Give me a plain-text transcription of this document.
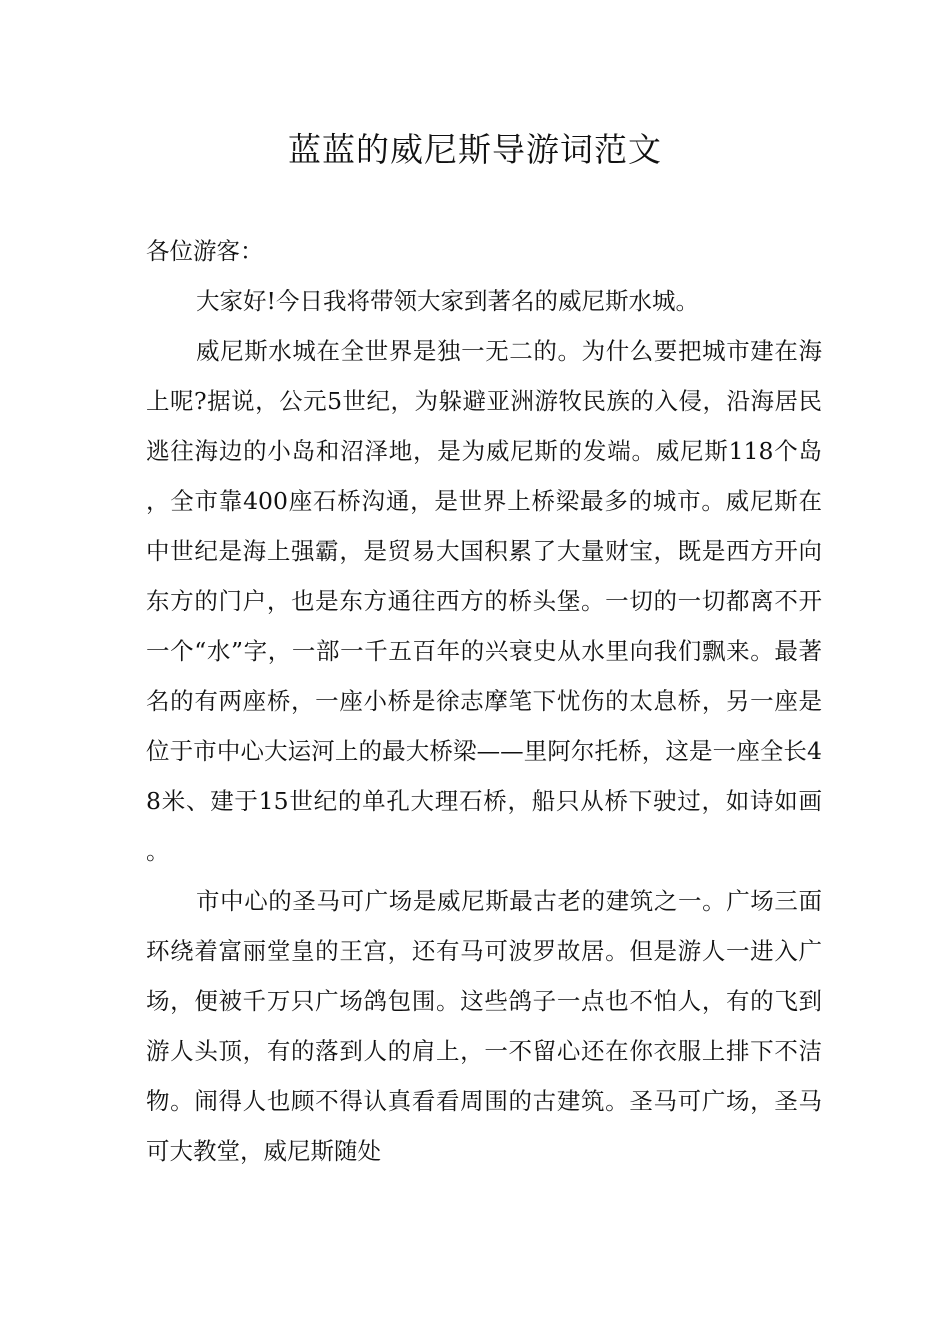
蓝蓝的威尼斯导游词范文

各位游客：

大家好!今日我将带领大家到著名的威尼斯水城。

威尼斯水城在全世界是独一无二的。为什么要把城市建在海上呢?据说，公元5世纪，为躲避亚洲游牧民族的入侵，沿海居民逃往海边的小岛和沼泽地，是为威尼斯的发端。威尼斯118个岛，全市靠400座石桥沟通，是世界上桥梁最多的城市。威尼斯在中世纪是海上强霸，是贸易大国积累了大量财宝，既是西方开向东方的门户，也是东方通往西方的桥头堡。一切的一切都离不开一个“水”字，一部一千五百年的兴衰史从水里向我们飘来。最著名的有两座桥，一座小桥是徐志摩笔下忧伤的太息桥，另一座是位于市中心大运河上的最大桥梁——里阿尔托桥，这是一座全长48米、建于15世纪的单孔大理石桥，船只从桥下驶过，如诗如画。

市中心的圣马可广场是威尼斯最古老的建筑之一。广场三面环绕着富丽堂皇的王宫，还有马可波罗故居。但是游人一进入广场，便被千万只广场鸽包围。这些鸽子一点也不怕人，有的飞到游人头顶，有的落到人的肩上，一不留心还在你衣服上排下不洁物。闹得人也顾不得认真看看周围的古建筑。圣马可广场，圣马可大教堂，威尼斯随处
